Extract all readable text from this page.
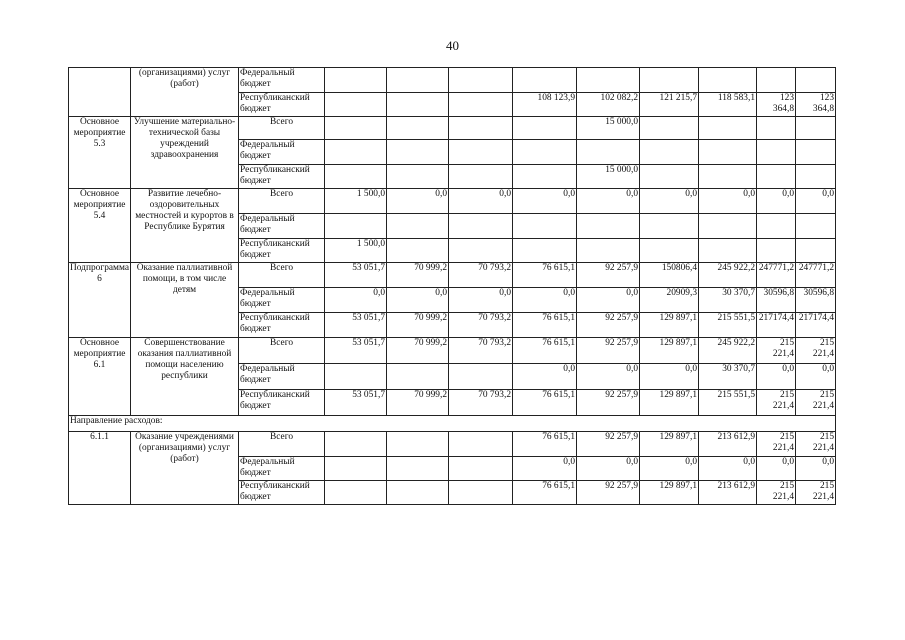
40
	(организациями) услуг (работ)	Федеральный бюджет									
		Республиканский бюджет				108 123,9	102 082,2	121 215,7	118 583,1	123 364,8	123 364,8
Основное мероприятие 5.3	Улучшение материально-технической базы учреждений здравоохранения	Всего					15 000,0				
		Федеральный бюджет									
		Республиканский бюджет					15 000,0				
Основное мероприятие 5.4	Развитие лечебно-оздоровительных местностей и курортов в Республике Бурятия	Всего	1 500,0	0,0	0,0	0,0	0,0	0,0	0,0	0,0	0,0
		Федеральный бюджет									
		Республиканский бюджет	1 500,0								
Подпрограмма 6	Оказание паллиативной помощи, в том числе детям	Всего	53 051,7	70 999,2	70 793,2	76 615,1	92 257,9	150806,4	245 922,2	247771,2	247771,2
		Федеральный бюджет	0,0	0,0	0,0	0,0	0,0	20909,3	30 370,7	30596,8	30596,8
		Республиканский бюджет	53 051,7	70 999,2	70 793,2	76 615,1	92 257,9	129 897,1	215 551,5	217174,4	217174,4
Основное мероприятие 6.1	Совершенствование оказания паллиативной помощи населению республики	Всего	53 051,7	70 999,2	70 793,2	76 615,1	92 257,9	129 897,1	245 922,2	215 221,4	215 221,4
		Федеральный бюджет				0,0	0,0	0,0	30 370,7	0,0	0,0
		Республиканский бюджет	53 051,7	70 999,2	70 793,2	76 615,1	92 257,9	129 897,1	215 551,5	215 221,4	215 221,4
Направление расходов:											
6.1.1	Оказание учреждениями (организациями) услуг (работ)	Всего				76 615,1	92 257,9	129 897,1	213 612,9	215 221,4	215 221,4
		Федеральный бюджет				0,0	0,0	0,0	0,0	0,0	0,0
		Республиканский бюджет				76 615,1	92 257,9	129 897,1	213 612,9	215 221,4	215 221,4
